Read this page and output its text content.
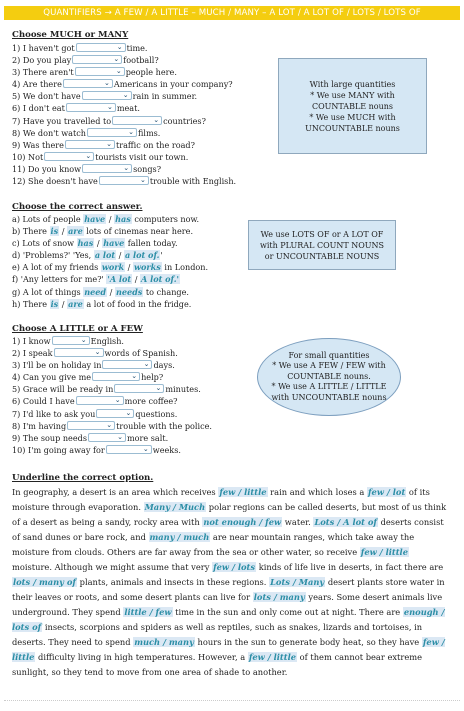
QUANTIFIERS → A FEW / A LITTLE – MUCH / MANY – A LOT / A LOT OF / LOTS / LOTS OF
Choose MUCH or MANY
1) I haven't got	⌄ time.
2) Do you play	⌄ football?
3) There aren't	⌄ people here.
4) Are there	⌄ Americans in your company?
5) We don't have	⌄ rain in summer.
6) I don't eat	⌄ meat.
7) Have you travelled to	⌄ countries?
8) We don't watch	⌄ films.
9) Was there	⌄ traffic on the road?
10) Not	⌄ tourists visit our town.
11) Do you know	⌄ songs?
12) She doesn't have	⌄ trouble with English.
With large quantities
* We use MANY with
COUNTABLE nouns
* We use MUCH with
UNCOUNTABLE nouns
Choose the correct answer.
a) Lots of people have / has computers now.
b) There is / are lots of cinemas near here.
c) Lots of snow has / have fallen today.
d) 'Problems?' 'Yes, a lot / a lot of.'
e) A lot of my friends work / works in London.
f) 'Any letters for me?' 'A lot / A lot of.'
g) A lot of things need / needs to change.
h) There is / are a lot of food in the fridge.
We use LOTS OF or A LOT OF
with PLURAL COUNT NOUNS
or UNCOUNTABLE NOUNS
Choose A LITTLE or A FEW
1) I know	⌄ English.
2) I speak	⌄ words of Spanish.
3) I'll be on holiday in	⌄ days.
4) Can you give me	⌄ help?
5) Grace will be ready in	⌄ minutes.
6) Could I have	⌄ more coffee?
7) I'd like to ask you	⌄ questions.
8) I'm having	⌄ trouble with the police.
9) The soup needs	⌄ more salt.
10) I'm going away for	⌄ weeks.
For small quantities
* We use A FEW / FEW with
COUNTABLE nouns.
* We use A LITTLE / LITTLE
with UNCOUNTABLE nouns
Underline the correct option.
In geography, a desert is an area which receives few / little rain and which loses a few / lot of its moisture through evaporation. Many / Much polar regions can be called deserts, but most of us think of a desert as being a sandy, rocky area with not enough / few water. Lots / A lot of deserts consist of sand dunes or bare rock, and many / much are near mountain ranges, which take away the moisture from clouds. Others are far away from the sea or other water, so receive few / little moisture. Although we might assume that very few / lots kinds of life live in deserts, in fact there are lots / many of plants, animals and insects in these regions. Lots / Many desert plants store water in their leaves or roots, and some desert plants can live for lots / many years. Some desert animals live underground. They spend little / few time in the sun and only come out at night. There are enough / lots of insects, scorpions and spiders as well as reptiles, such as snakes, lizards and tortoises, in deserts. They need to spend much / many hours in the sun to generate body heat, so they have few / little difficulty living in high temperatures. However, a few / little of them cannot bear extreme sunlight, so they tend to move from one area of shade to another.
